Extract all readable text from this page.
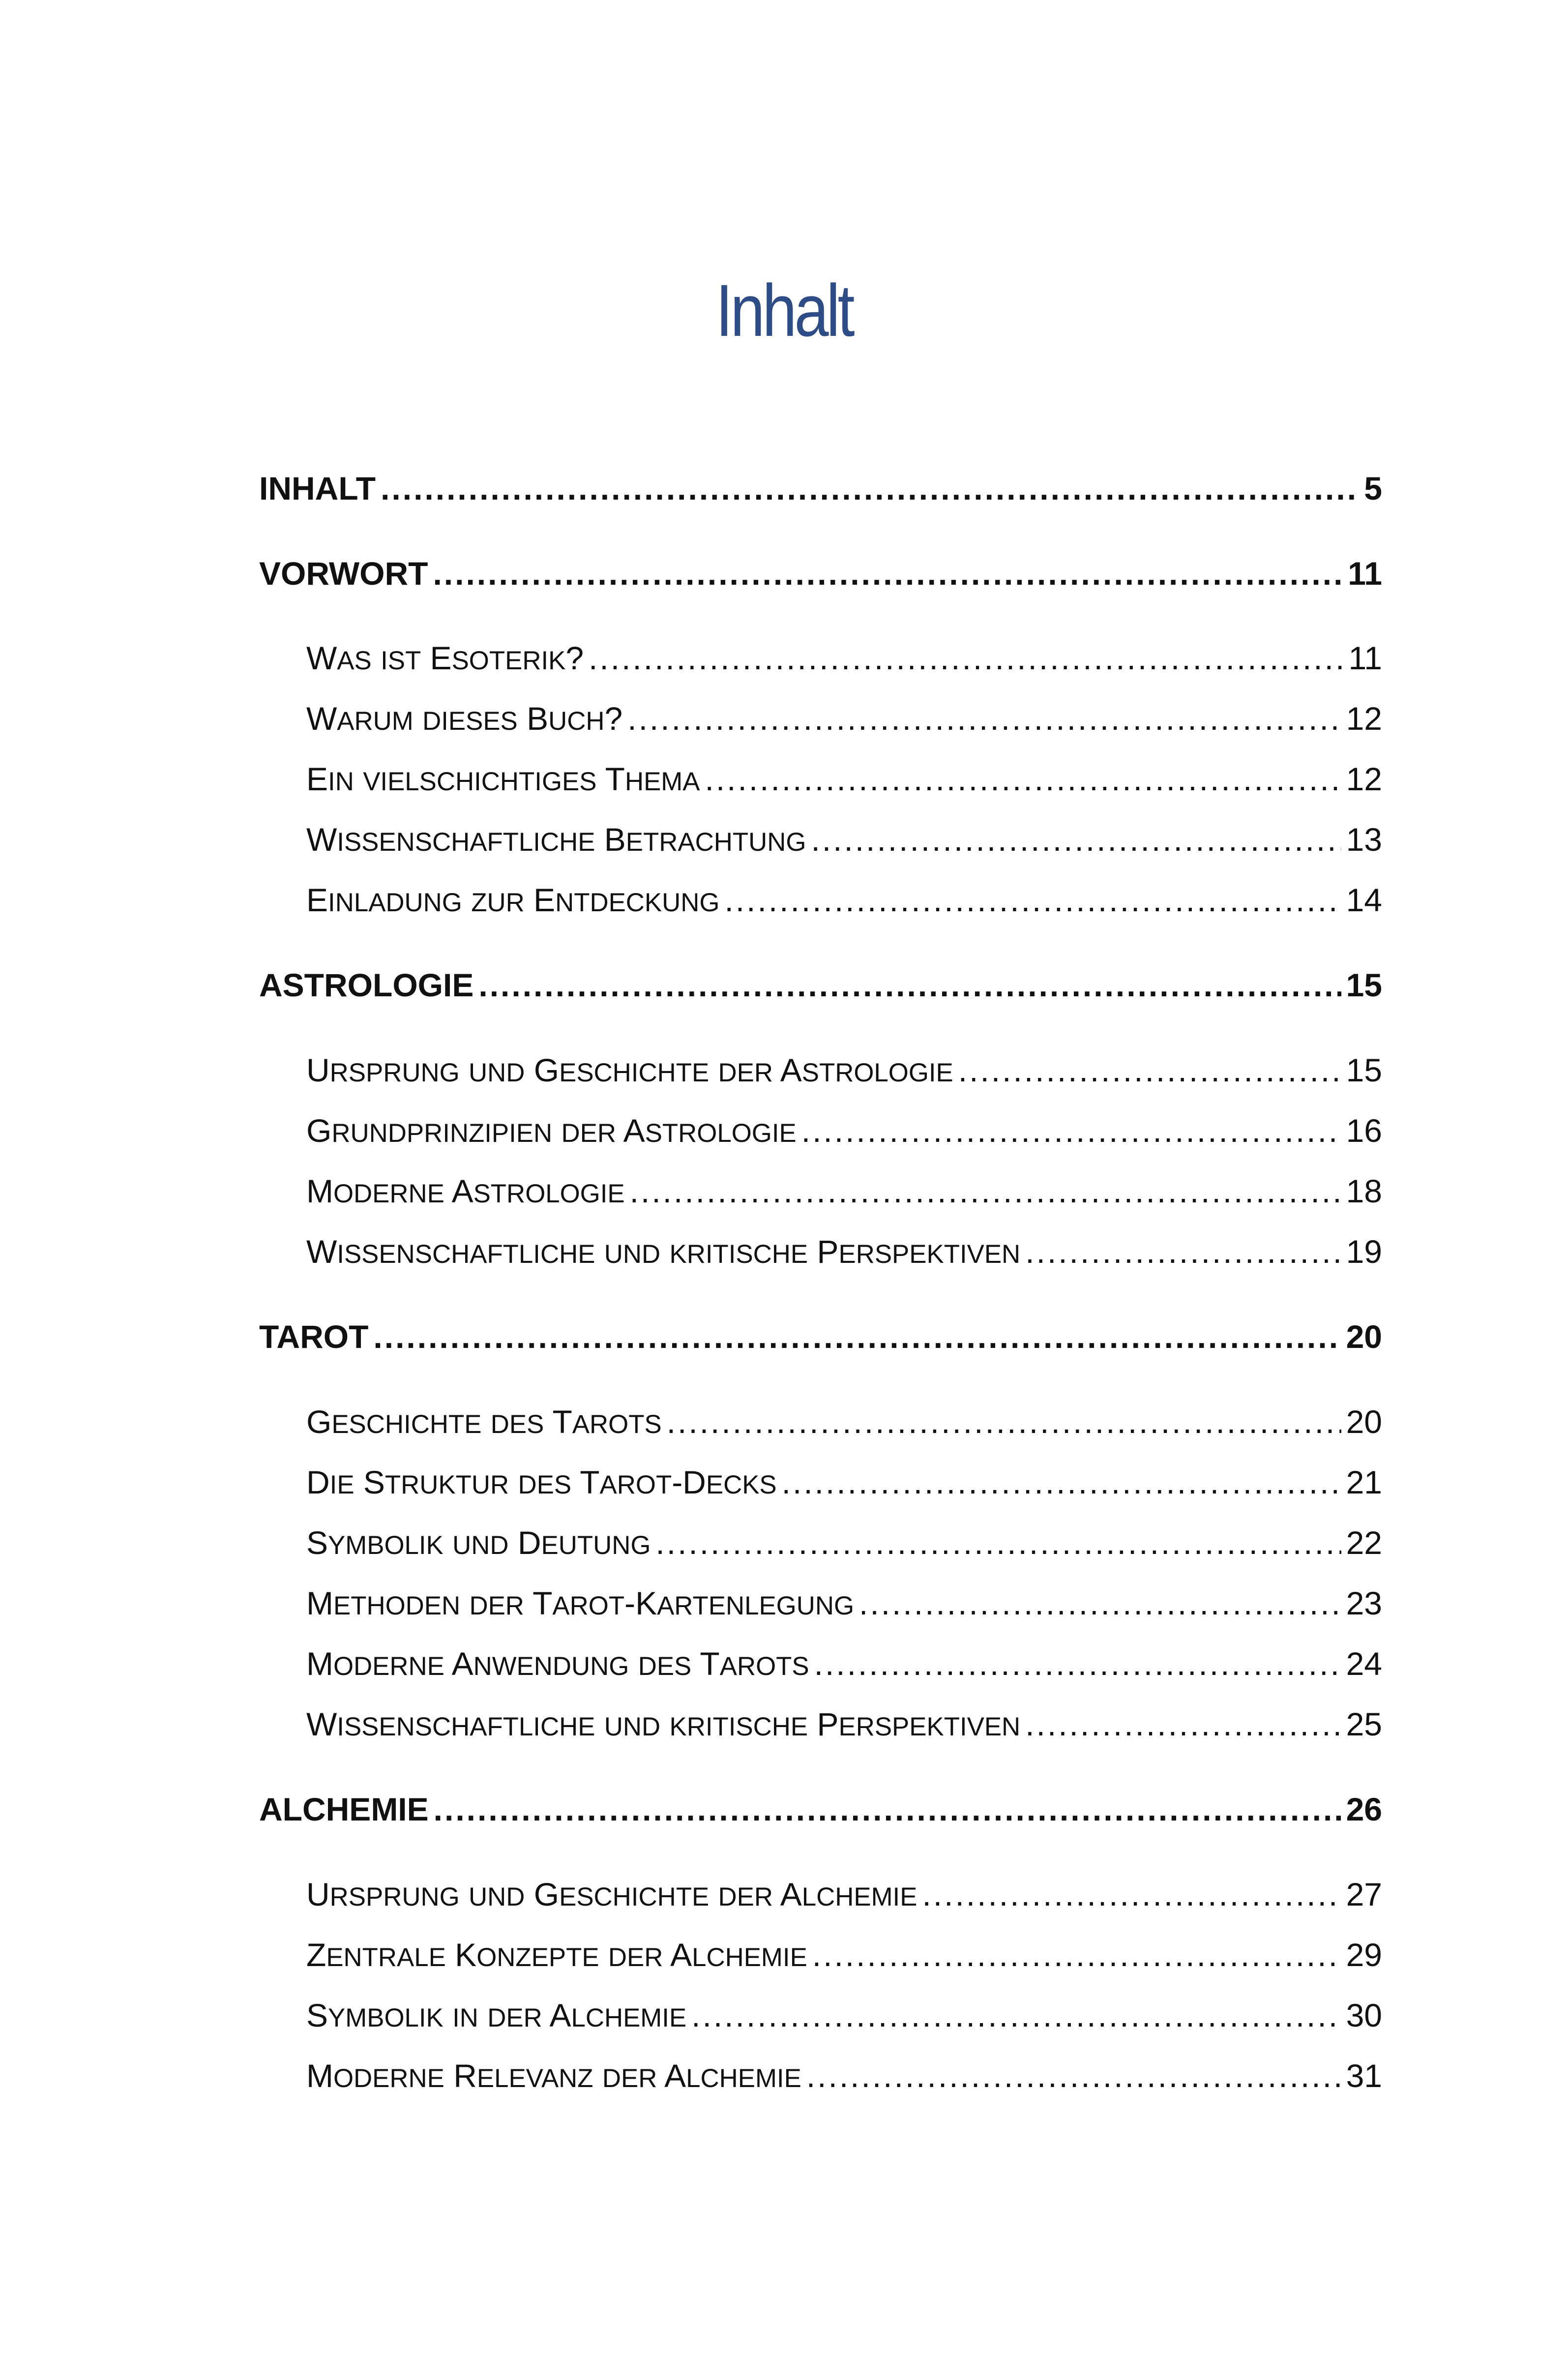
Inhalt
INHALT .....	5
VORWORT .....	11
WAS IST ESOTERIK? .....	11
WARUM DIESES BUCH? .....	12
EIN VIELSCHICHTIGES THEMA .....	12
WISSENSCHAFTLICHE BETRACHTUNG .....	13
EINLADUNG ZUR ENTDECKUNG .....	14
ASTROLOGIE .....	15
URSPRUNG UND GESCHICHTE DER ASTROLOGIE .....	15
GRUNDPRINZIPIEN DER ASTROLOGIE .....	16
MODERNE ASTROLOGIE .....	18
WISSENSCHAFTLICHE UND KRITISCHE PERSPEKTIVEN .....	19
TAROT .....	20
GESCHICHTE DES TAROTS .....	20
DIE STRUKTUR DES TAROT-DECKS .....	21
SYMBOLIK UND DEUTUNG .....	22
METHODEN DER TAROT-KARTENLEGUNG .....	23
MODERNE ANWENDUNG DES TAROTS .....	24
WISSENSCHAFTLICHE UND KRITISCHE PERSPEKTIVEN .....	25
ALCHEMIE .....	26
URSPRUNG UND GESCHICHTE DER ALCHEMIE .....	27
ZENTRALE KONZEPTE DER ALCHEMIE .....	29
SYMBOLIK IN DER ALCHEMIE .....	30
MODERNE RELEVANZ DER ALCHEMIE .....	31
